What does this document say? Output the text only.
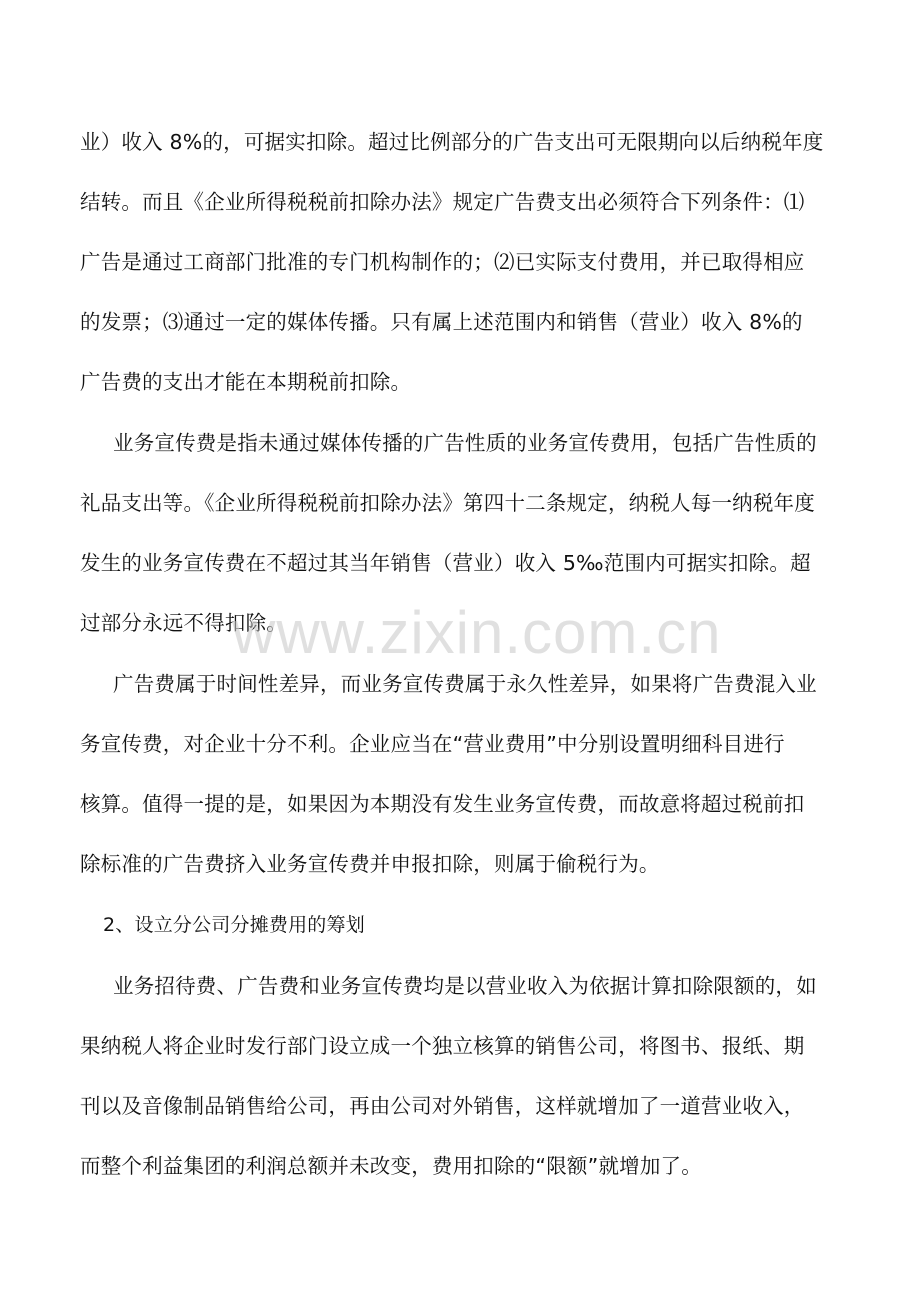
业）收入 8%的，可据实扣除。超过比例部分的广告支出可无限期向以后纳税年度
结转。而且《企业所得税税前扣除办法》规定广告费支出必须符合下列条件：⑴
广告是通过工商部门批准的专门机构制作的；⑵已实际支付费用，并已取得相应
的发票；⑶通过一定的媒体传播。只有属上述范围内和销售（营业）收入 8%的
广告费的支出才能在本期税前扣除。
业务宣传费是指未通过媒体传播的广告性质的业务宣传费用，包括广告性质的
礼品支出等。《企业所得税税前扣除办法》第四十二条规定，纳税人每一纳税年度
发生的业务宣传费在不超过其当年销售（营业）收入 5‰范围内可据实扣除。超
过部分永远不得扣除。
广告费属于时间性差异，而业务宣传费属于永久性差异，如果将广告费混入业
务宣传费，对企业十分不利。企业应当在“营业费用”中分别设置明细科目进行
核算。值得一提的是，如果因为本期没有发生业务宣传费，而故意将超过税前扣
除标准的广告费挤入业务宣传费并申报扣除，则属于偷税行为。
2、设立分公司分摊费用的筹划
业务招待费、广告费和业务宣传费均是以营业收入为依据计算扣除限额的，如
果纳税人将企业时发行部门设立成一个独立核算的销售公司，将图书、报纸、期
刊以及音像制品销售给公司，再由公司对外销售，这样就增加了一道营业收入，
而整个利益集团的利润总额并未改变，费用扣除的“限额”就增加了。
www.zixin.com.cn
